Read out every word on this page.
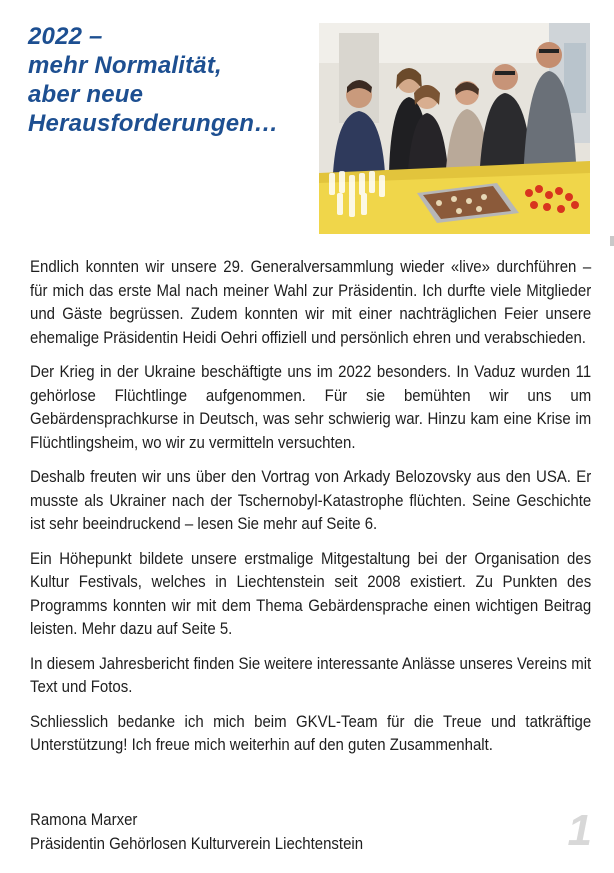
2022 –
mehr Normalität,
aber neue
Herausforderungen…

Endlich konnten wir unsere 29. Generalversammlung wieder «live» durchführen – für mich das erste Mal nach meiner Wahl zur Präsidentin. Ich durfte viele Mitglieder und Gäste begrüssen. Zudem konnten wir mit einer nachträglichen Feier unsere ehemalige Präsidentin Heidi Oehri offiziell und persönlich ehren und verabschieden.

Der Krieg in der Ukraine beschäftigte uns im 2022 besonders. In Vaduz wurden 11 gehörlose Flüchtlinge aufgenommen. Für sie bemühten wir uns um Gebärdensprachkurse in Deutsch, was sehr schwierig war. Hinzu kam eine Krise im Flüchtlingsheim, wo wir zu vermitteln versuchten.

Deshalb freuten wir uns über den Vortrag von Arkady Belozovsky aus den USA. Er musste als Ukrainer nach der Tschernobyl-Katastrophe flüchten. Seine Geschichte ist sehr beeindruckend – lesen Sie mehr auf Seite 6.

Ein Höhepunkt bildete unsere erstmalige Mitgestaltung bei der Organisation des Kultur Festivals, welches in Liechtenstein seit 2008 existiert. Zu Punkten des Programms konnten wir mit dem Thema Gebärdensprache einen wichtigen Beitrag leisten. Mehr dazu auf Seite 5.

In diesem Jahresbericht finden Sie weitere interessante Anlässe unseres Vereins mit Text und Fotos.

Schliesslich bedanke ich mich beim GKVL-Team für die Treue und tatkräftige Unterstützung! Ich freue mich weiterhin auf den guten Zusammenhalt.

Ramona Marxer
Präsidentin Gehörlosen Kulturverein Liechtenstein	1
